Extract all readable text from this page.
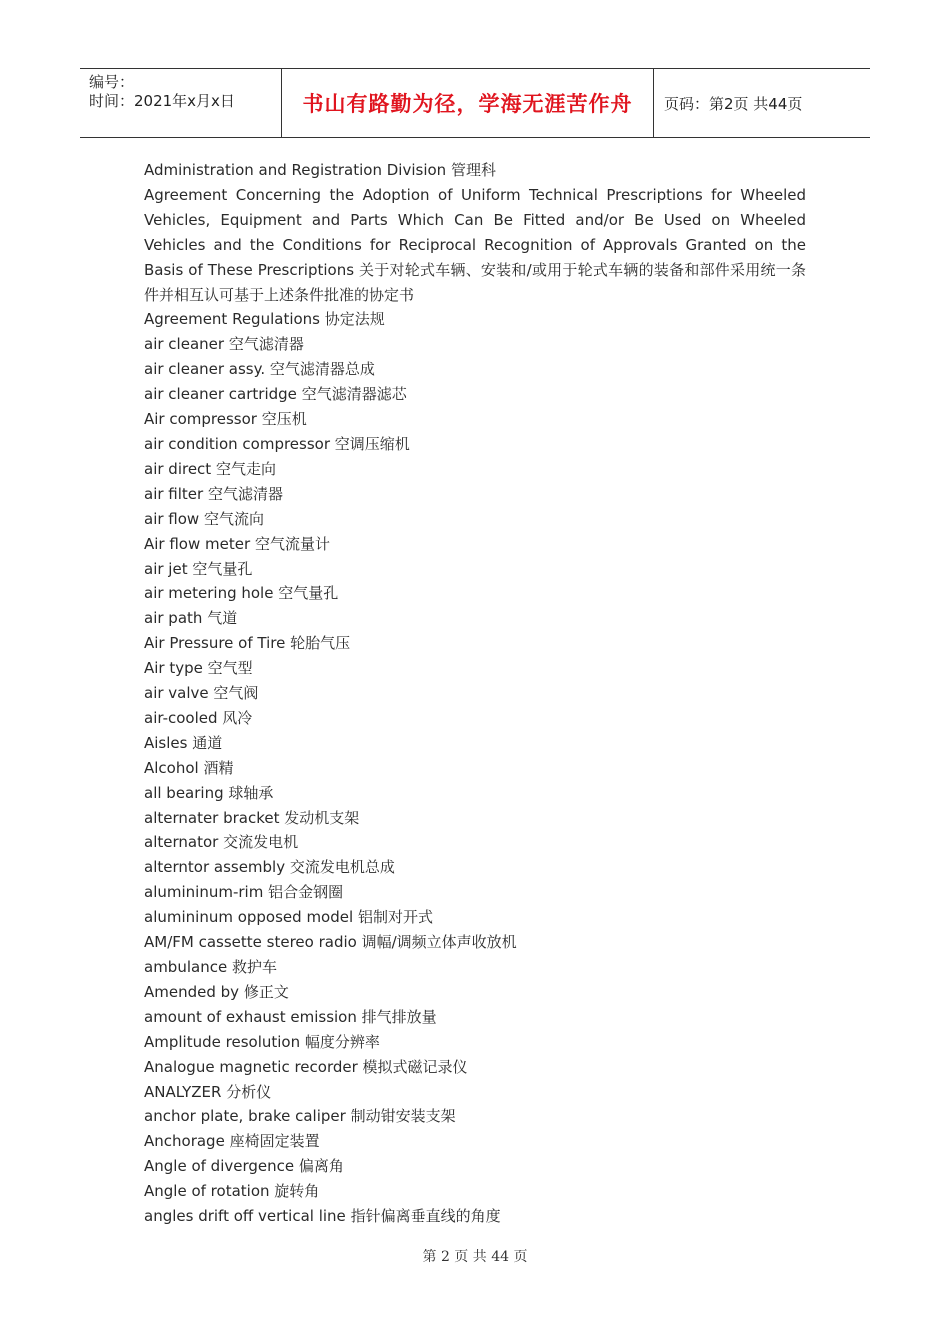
编号：
时间：2021年x月x日	书山有路勤为径，学海无涯苦作舟 页码：第2页 共44页
Administration and Registration Division 管理科
Agreement Concerning the Adoption of Uniform Technical Prescriptions for Wheeled Vehicles, Equipment and Parts Which Can Be Fitted and/or Be Used on Wheeled Vehicles and the Conditions for Reciprocal Recognition of Approvals Granted on the Basis of These Prescriptions 关于对轮式车辆、安装和/或用于轮式车辆的装备和部件采用统一条件并相互认可基于上述条件批准的协定书
Agreement Regulations 协定法规
air cleaner 空气滤清器
air cleaner assy. 空气滤清器总成
air cleaner cartridge 空气滤清器滤芯
Air compressor 空压机
air condition compressor 空调压缩机
air direct 空气走向
air filter 空气滤清器
air flow 空气流向
Air flow meter 空气流量计
air jet 空气量孔
air metering hole 空气量孔
air path 气道
Air Pressure of Tire 轮胎气压
Air type 空气型
air valve 空气阀
air-cooled 风冷
Aisles 通道
Alcohol 酒精
all bearing 球轴承
alternater bracket 发动机支架
alternator 交流发电机
alterntor assembly 交流发电机总成
alumininum-rim 铝合金钢圈
alumininum opposed model 铝制对开式
AM/FM cassette stereo radio 调幅/调频立体声收放机
ambulance 救护车
Amended by 修正文
amount of exhaust emission 排气排放量
Amplitude resolution 幅度分辨率
Analogue magnetic recorder 模拟式磁记录仪
ANALYZER 分析仪
anchor plate, brake caliper 制动钳安装支架
Anchorage 座椅固定装置
Angle of divergence 偏离角
Angle of rotation 旋转角
angles drift off vertical line 指针偏离垂直线的角度
第 2 页 共 44 页
